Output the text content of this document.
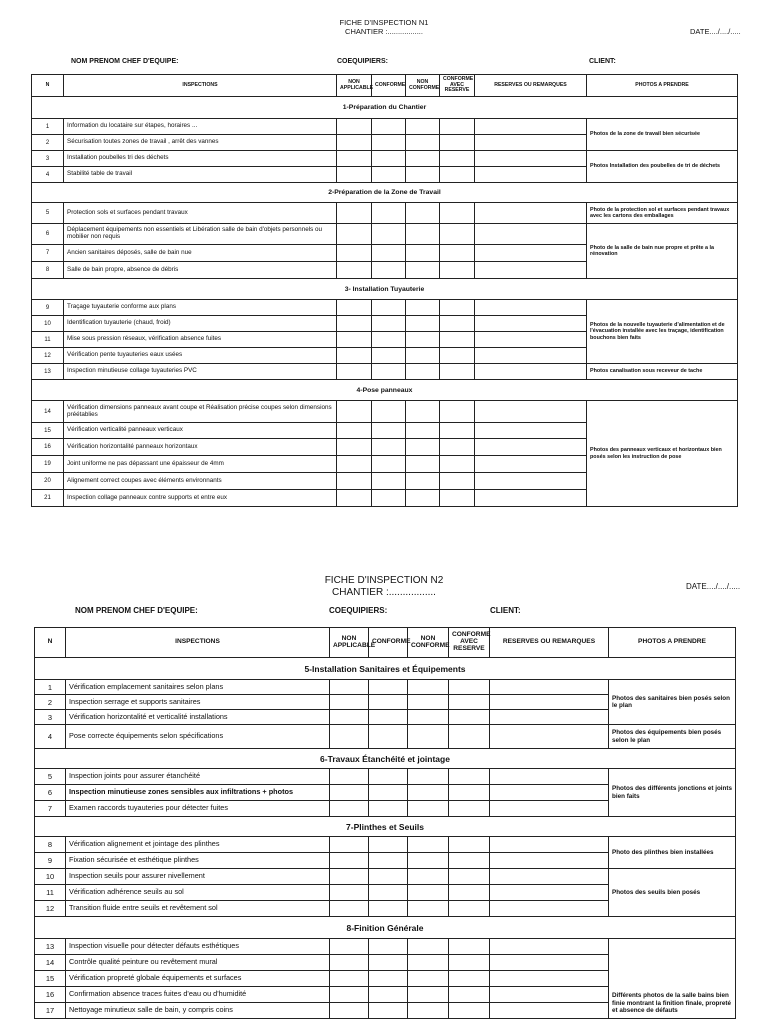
FICHE D'INSPECTION N1
CHANTIER :.................	DATE..../..../.....
NOM PRENOM CHEF D'EQUIPE:	COEQUIPIERS:	CLIENT:
N	INSPECTIONS	NON APPLICABLE	CONFORME	NON CONFORME	CONFORME AVEC RESERVE	RESERVES OU REMARQUES	PHOTOS A PRENDRE
1-Préparation du Chantier							
1	Information du locataire sur étapes, horaires ...						Photos de la zone de travail bien sécurisée
2	Sécurisation toutes zones de travail , arrêt des vannes						
3	Installation poubelles tri des déchets						Photos Installation des poubelles de tri de déchets
4	Stabilité table de travail						
2-Préparation de la Zone de Travail							
5	Protection sols et surfaces pendant travaux						Photo de la protection sol et surfaces pendant travaux avec les cartons des emballages
6	Déplacement équipements non essentiels et Libération salle de bain d'objets personnels ou mobilier non requis						Photo de la salle de bain nue propre et prête a la rénovation
7	Ancien sanitaires déposés, salle de bain nue						
8	Salle de bain propre, absence de débris						
3- Installation Tuyauterie							
9	Traçage tuyauterie conforme aux plans						Photos de la nouvelle tuyauterie d'alimentation et de l'évacuation installée avec les traçage, identification bouchons bien faits
10	Identification tuyauterie (chaud, froid)						
11	Mise sous pression réseaux, vérification absence fuites						
12	Vérification pente tuyauteries eaux usées						
13	Inspection minutieuse collage tuyauteries PVC						Photos canalisation sous receveur de tache
4-Pose panneaux							
14	Vérification dimensions panneaux avant coupe et Réalisation précise coupes selon dimensions préétablies						Photos des panneaux verticaux et horizontaux bien posés selon les instruction de pose
15	Vérification verticalité panneaux verticaux						
16	Vérification horizontalité panneaux horizontaux						
19	Joint uniforme ne pas dépassant une épaisseur de 4mm						
20	Alignement correct coupes avec éléments environnants						
21	Inspection collage panneaux contre supports et entre eux						
FICHE D'INSPECTION N2
CHANTIER :.................	DATE..../..../.....
NOM PRENOM CHEF D'EQUIPE:	COEQUIPIERS:	CLIENT:
N	INSPECTIONS	NON APPLICABLE	CONFORME	NON CONFORME	CONFORME AVEC RESERVE	RESERVES OU REMARQUES	PHOTOS A PRENDRE
5-Installation Sanitaires et Équipements							
1	Vérification emplacement sanitaires selon plans						Photos des sanitaires bien posés selon le plan
2	Inspection serrage et supports sanitaires						
3	Vérification horizontalité et verticalité installations						
4	Pose correcte équipements selon spécifications						Photos des équipements bien posés selon le plan
6-Travaux Étanchéité et jointage							
5	Inspection joints pour assurer étanchéité						Photos des différents jonctions et joints bien faits
6	Inspection minutieuse zones sensibles aux infiltrations + photos						
7	Examen raccords tuyauteries pour détecter fuites						
7-Plinthes et Seuils							
8	Vérification alignement et jointage des plinthes						Photo des plinthes bien installées
9	Fixation sécurisée et esthétique plinthes						
10	Inspection seuils pour assurer nivellement						Photos des seuils bien posés
11	Vérification adhérence seuils au sol						
12	Transition fluide entre seuils et revêtement sol						
8-Finition Générale							
13	Inspection visuelle pour détecter défauts esthétiques						Différents photos de la salle bains bien finie montrant la finition finale, propreté et absence de défauts
14	Contrôle qualité peinture ou revêtement mural						
15	Vérification propreté globale équipements et surfaces						
16	Confirmation absence traces fuites d'eau ou d'humidité						
17	Nettoyage minutieux salle de bain, y compris coins						
